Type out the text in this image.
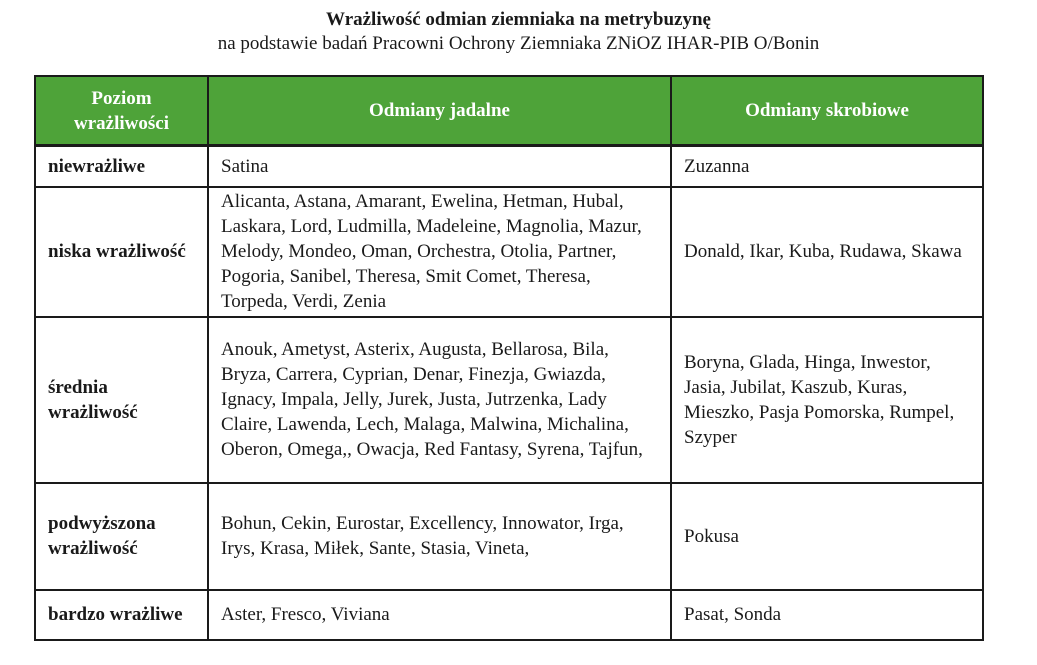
Wrażliwość odmian ziemniaka na metrybuzynę
na podstawie badań Pracowni Ochrony Ziemniaka ZNiOZ IHAR-PIB O/Bonin
Poziom wrażliwości	Odmiany jadalne	Odmiany skrobiowe
niewrażliwe	Satina	Zuzanna
niska wrażliwość	Alicanta, Astana, Amarant, Ewelina, Hetman, Hubal, Laskara, Lord, Ludmilla, Madeleine, Magnolia, Mazur, Melody, Mondeo, Oman, Orchestra, Otolia, Partner, Pogoria, Sanibel, Theresa, Smit Comet, Theresa, Torpeda, Verdi, Zenia	Donald, Ikar, Kuba, Rudawa, Skawa
średnia wrażliwość	Anouk, Ametyst, Asterix, Augusta, Bellarosa, Bila, Bryza, Carrera, Cyprian, Denar, Finezja, Gwiazda, Ignacy, Impala, Jelly, Jurek, Justa, Jutrzenka, Lady Claire, Lawenda, Lech, Malaga, Malwina, Michalina, Oberon, Omega,, Owacja, Red Fantasy, Syrena, Tajfun,	Boryna, Glada, Hinga, Inwestor, Jasia, Jubilat, Kaszub, Kuras, Mieszko, Pasja Pomorska, Rumpel, Szyper
podwyższona wrażliwość	Bohun, Cekin, Eurostar, Excellency, Innowator, Irga, Irys, Krasa, Miłek, Sante, Stasia, Vineta,	Pokusa
bardzo wrażliwe	Aster, Fresco, Viviana	Pasat, Sonda
